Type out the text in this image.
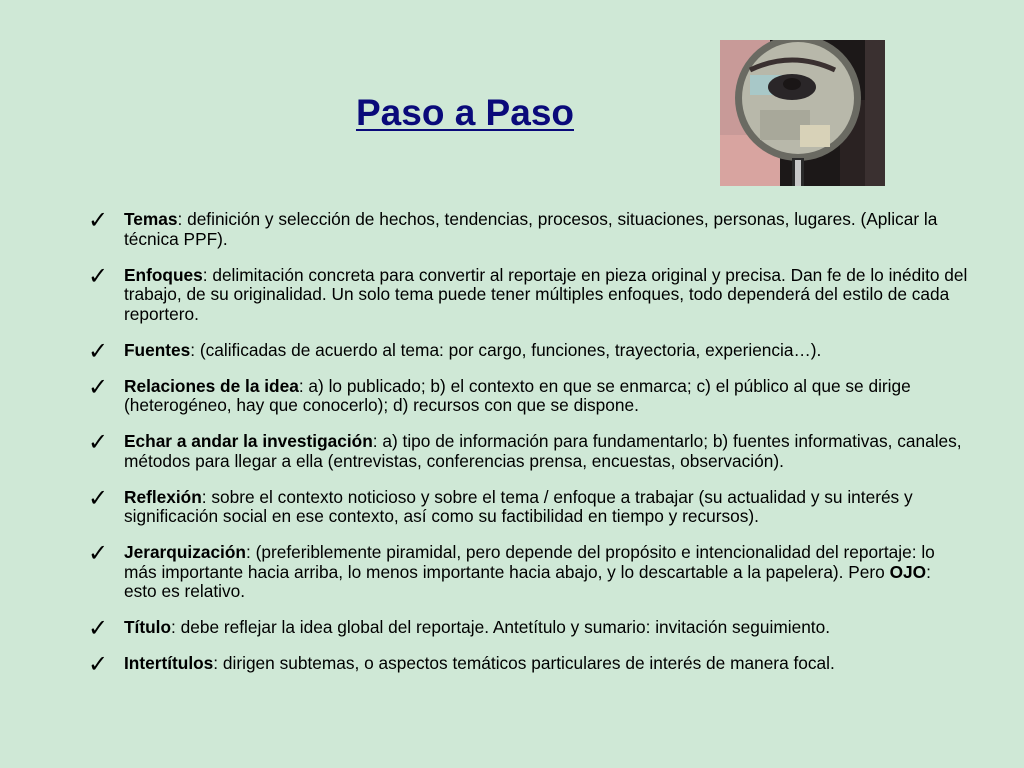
Paso a Paso
✓ Temas: definición y selección de hechos, tendencias, procesos, situaciones, personas, lugares. (Aplicar la técnica PPF).
✓ Enfoques: delimitación concreta para convertir al reportaje en pieza original y precisa. Dan fe de lo inédito del trabajo, de su originalidad. Un solo tema puede tener múltiples enfoques, todo dependerá del estilo de cada reportero.
✓ Fuentes: (calificadas de acuerdo al tema: por cargo, funciones, trayectoria, experiencia…).
✓ Relaciones de la idea: a) lo publicado; b) el contexto en que se enmarca; c) el público al que se dirige (heterogéneo, hay que conocerlo); d) recursos con que se dispone.
✓ Echar a andar la investigación: a) tipo de información para fundamentarlo; b) fuentes informativas, canales, métodos para llegar a ella (entrevistas, conferencias prensa, encuestas, observación).
✓ Reflexión: sobre el contexto noticioso y sobre el tema / enfoque a trabajar (su actualidad y su interés y significación social en ese contexto, así como su factibilidad en tiempo y recursos).
✓ Jerarquización: (preferiblemente piramidal, pero depende del propósito e intencionalidad del reportaje: lo más importante hacia arriba, lo menos importante hacia abajo, y lo descartable a la papelera). Pero OJO: esto es relativo.
✓ Título: debe reflejar la idea global del reportaje. Antetítulo y sumario: invitación seguimiento.
✓ Intertítulos: dirigen subtemas, o aspectos temáticos particulares de interés de manera focal.
